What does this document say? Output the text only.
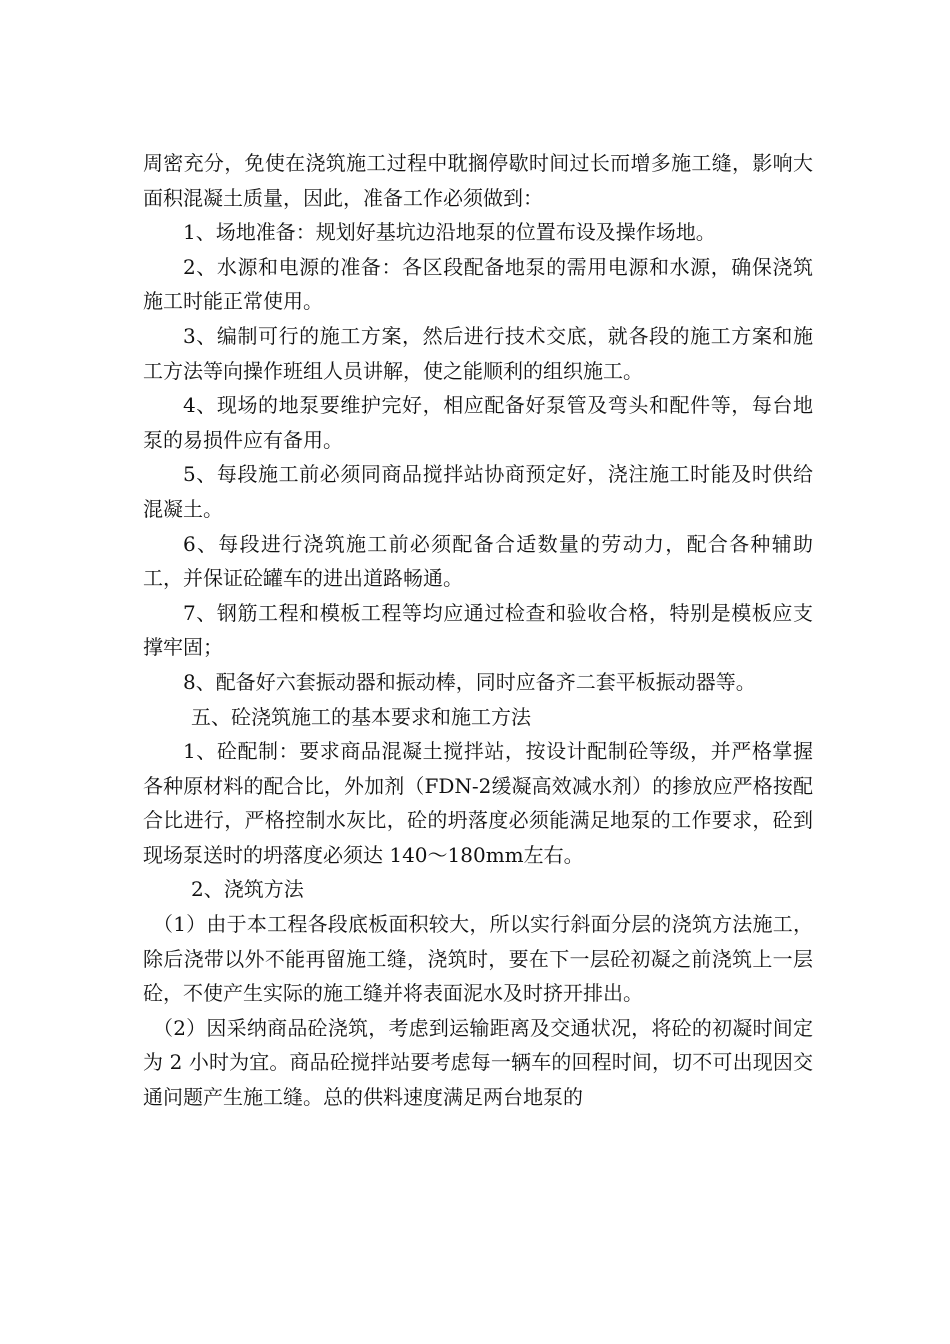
周密充分，免使在浇筑施工过程中耽搁停歇时间过长而增多施工缝，影响大面积混凝土质量，因此，准备工作必须做到：

1、场地准备：规划好基坑边沿地泵的位置布设及操作场地。

2、水源和电源的准备：各区段配备地泵的需用电源和水源，确保浇筑施工时能正常使用。

3、编制可行的施工方案，然后进行技术交底，就各段的施工方案和施工方法等向操作班组人员讲解，使之能顺利的组织施工。

4、现场的地泵要维护完好，相应配备好泵管及弯头和配件等，每台地泵的易损件应有备用。

5、每段施工前必须同商品搅拌站协商预定好，浇注施工时能及时供给混凝土。

6、每段进行浇筑施工前必须配备合适数量的劳动力，配合各种辅助工，并保证砼罐车的进出道路畅通。

7、钢筋工程和模板工程等均应通过检查和验收合格，特别是模板应支撑牢固；

8、配备好六套振动器和振动棒，同时应备齐二套平板振动器等。

五、砼浇筑施工的基本要求和施工方法

1、砼配制：要求商品混凝土搅拌站，按设计配制砼等级，并严格掌握各种原材料的配合比，外加剂（FDN-2缓凝高效减水剂）的掺放应严格按配合比进行，严格控制水灰比，砼的坍落度必须能满足地泵的工作要求，砼到现场泵送时的坍落度必须达 140～180mm左右。

2、浇筑方法

（1）由于本工程各段底板面积较大，所以实行斜面分层的浇筑方法施工，除后浇带以外不能再留施工缝，浇筑时，要在下一层砼初凝之前浇筑上一层砼，不使产生实际的施工缝并将表面泥水及时挤开排出。

（2）因采纳商品砼浇筑，考虑到运输距离及交通状况，将砼的初凝时间定为 2 小时为宜。商品砼搅拌站要考虑每一辆车的回程时间，切不可出现因交通问题产生施工缝。总的供料速度满足两台地泵的
